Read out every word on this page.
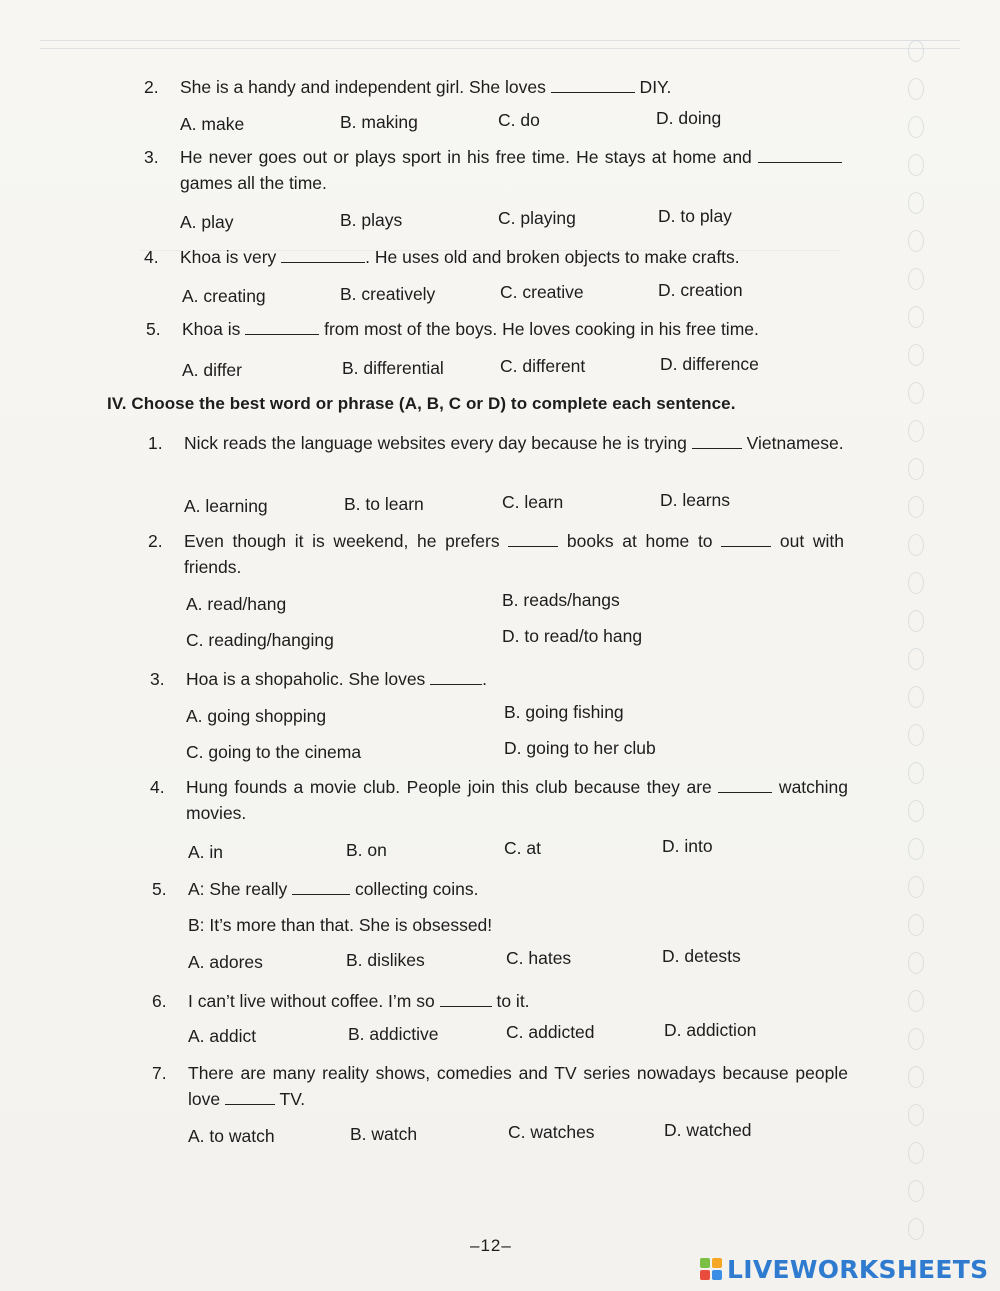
2. She is a handy and independent girl. She loves	DIY.
A. make	B. making	C. do	D. doing
3. He never goes out or plays sport in his free time. He stays at home and  games all the time.
A. play	B. plays	C. playing	D. to play
4. Khoa is very	. He uses old and broken objects to make crafts.
A. creating	B. creatively	C. creative	D. creation
5. Khoa is	from most of the boys. He loves cooking in his free time.
A. differ	B. differential	C. different	D. difference
IV. Choose the best word or phrase (A, B, C or D) to complete each sentence.
1. Nick reads the language websites every day because he is trying	Vietnamese.
A. learning	B. to learn	C. learn	D. learns
2. Even though it is weekend, he prefers	books at home to	out with friends.
A. read/hang	B. reads/hangs
C. reading/hanging	D. to read/to hang
3. Hoa is a shopaholic. She loves	.
A. going shopping	B. going fishing
C. going to the cinema	D. going to her club
4. Hung founds a movie club. People join this club because they are	watching movies.
A. in	B. on	C. at	D. into
5. A: She really	collecting coins.
B: It’s more than that. She is obsessed!
A. adores	B. dislikes	C. hates	D. detests
6. I can’t live without coffee. I’m so	to it.
A. addict	B. addictive	C. addicted	D. addiction
7. There are many reality shows, comedies and TV series nowadays because people love	TV.
A. to watch	B. watch	C. watches	D. watched
–12–
LIVEWORKSHEETS
